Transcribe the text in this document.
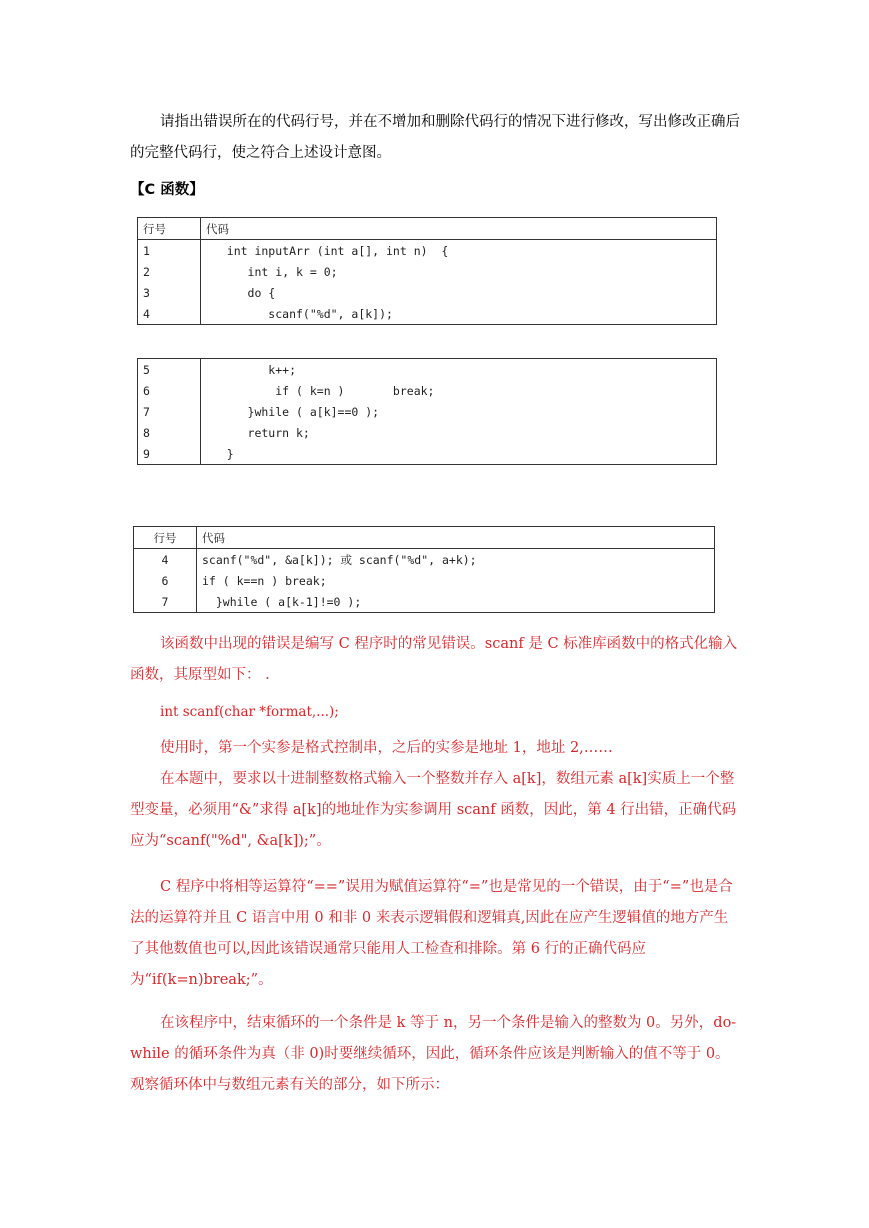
请指出错误所在的代码行号，并在不增加和删除代码行的情况下进行修改，写出修改正确后的完整代码行，使之符合上述设计意图。

【C 函数】

行号	代码
1	int inputArr (int a[], int n)  {
2	int i, k = 0;
3	do {
4	scanf("%d", a[k]);
5	k++;
6	if ( k=n )       break;
7	}while ( a[k]==0 );
8	return k;
9	}
行号	代码
4	scanf("%d", &a[k]); 或 scanf("%d", a+k);
6	if ( k==n ) break;
7	}while ( a[k-1]!=0 );

该函数中出现的错误是编写 C 程序时的常见错误。scanf 是 C 标准库函数中的格式化输入函数，其原型如下： .

int scanf(char *format,...);

使用时，第一个实参是格式控制串，之后的实参是地址 1，地址 2,……

在本题中，要求以十进制整数格式输入一个整数并存入 a[k]，数组元素 a[k]实质上一个整型变量，必须用“&”求得 a[k]的地址作为实参调用 scanf 函数，因此，第 4 行出错，正确代码应为“scanf("%d", &a[k]);”。

C 程序中将相等运算符“==”误用为赋值运算符“=”也是常见的一个错误，由于“=”也是合法的运算符并且 C 语言中用 0 和非 0 来表示逻辑假和逻辑真,因此在应产生逻辑值的地方产生了其他数值也可以,因此该错误通常只能用人工检查和排除。第 6 行的正确代码应为“if(k=n)break;”。

在该程序中，结束循环的一个条件是 k 等于 n，另一个条件是输入的整数为 0。另外，do-while 的循环条件为真（非 0)时要继续循环，因此，循环条件应该是判断输入的值不等于 0。观察循环体中与数组元素有关的部分，如下所示：
